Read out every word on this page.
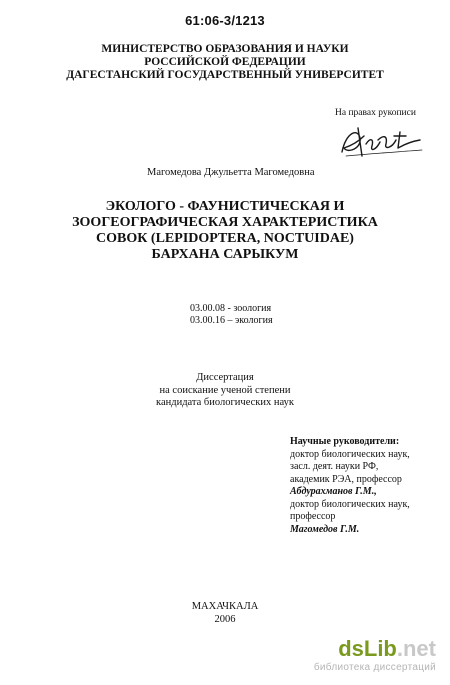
61:06-3/1213
МИНИСТЕРСТВО ОБРАЗОВАНИЯ И НАУКИ
РОССИЙСКОЙ ФЕДЕРАЦИИ
ДАГЕСТАНСКИЙ ГОСУДАРСТВЕННЫЙ УНИВЕРСИТЕТ
На правах рукописи
Магомедова Джульетта Магомедовна
ЭКОЛОГО - ФАУНИСТИЧЕСКАЯ И
ЗООГЕОГРАФИЧЕСКАЯ ХАРАКТЕРИСТИКА
СОВОК (LEPIDOPTERA, NOCTUIDAE)
БАРХАНА САРЫКУМ
03.00.08 - зоология
03.00.16 – экология
Диссертация
на соискание ученой степени
кандидата биологических наук
Научные руководители:
доктор биологических наук,
засл. деят. науки РФ,
академик РЭА, профессор
Абдурахманов Г.М.,
доктор биологических наук,
профессор
Магомедов Г.М.
МАХАЧКАЛА
2006
dsLib.net
библиотека диссертаций
